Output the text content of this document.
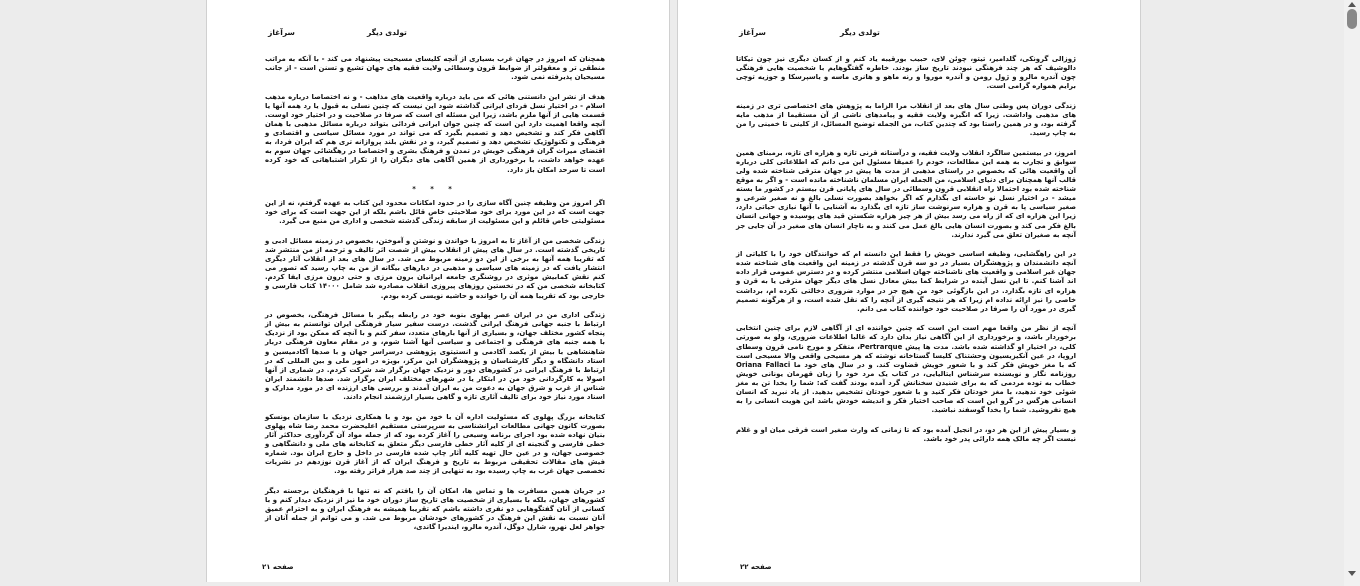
تولدی دیگر
سرآغاز

همچنان که امروز در جهان غرب بسیاری از آنچه کلیسای مسیحیت پیشنهاد می کند - با آنکه به مراتب منطقی تر و معقولتر از ضوابط قرون وسطائی ولایت فقیه های جهان تشیع و تسنن است - از جانب مسیحیان پذیرفته نمی شود.

هدف از نشر این دانستنی هائی که می باید درباره واقعیت های مذاهب - و نه اختصاصا درباره مذهب اسلام - در اختیار نسل فردای ایرانی گذاشته شود این نیست که چنین نسلی به قبول یا رد همه آنها یا قسمت هایی از آنها ملزم باشد، زیرا این مسئله ای است که صرفا در صلاحیت و در اختیار خود اوست. آنچه واقعا اهمیت دارد این است که چنین جوان ایرانی فردائی بتواند درباره مسائل مذهبی با همان آگاهی فکر کند و تشخیص دهد و تصمیم بگیرد که می تواند در مورد مسائل سیاسی و اقتصادی و فرهنگی و تکنولوژیک تشخیص دهد و تصمیم گیرد، و در نقش بلند پروازانه تری هم که ایران فردا، به اقتضای میراث گران فرهنگی خویش در تمدن و فرهنگ بشری و اختصاصا در رهگشائی جهان سوم به عهده خواهد داشت، با برخورداری از همین آگاهی های دیگران را از تکرار اشتباهاتی که خود کرده است تا سرحد امکان باز دارد.

* * *

اگر امروز من وظیفه چنین آگاه سازی را در حدود امکانات محدود این کتاب به عهده گرفتم، نه از این جهت است که در این مورد برای خود صلاحیتی خاص قائل باشم بلکه از این جهت است که برای خود مسئولیتی خاص قائلم و این مسئولیت از سابقه زندگی گذشته شخصی و اداری من منبع می گیرد.

زندگی شخصی من از آغاز تا به امروز با خواندن و نوشتن و آموختن، بخصوص در زمینه مسائل ادبی و تاریخی گذشته است. در سال های پیش از انقلاب بیش از شصت اثر تالیف و ترجمه از من منتشر شد که تقریبا همه آنها به برخی از این دو زمینه مربوط می شد. در سال های بعد از انقلاب آثار دیگری انتشار یافت که در زمینه های سیاسی و مذهبی در دیارهای بیگانه از من به چاپ رسید که تصور می کنم نقش کمابیش موثری در روشنگری جامعه ایرانیان برون مرزی و حتی درون مرزی ایفا کردم. کتابخانه شخصی من که در نخستین روزهای پیروزی انقلاب مصادره شد شامل ۱۴۰۰۰ کتاب فارسی و خارجی بود که تقریبا همه آن را خوانده و حاشیه نویسی کرده بودم.

زندگی اداری من در ایران عصر پهلوی بنوبه خود در رابطه پیگیر با مسائل فرهنگی، بخصوص در ارتباط با جنبه جهانی فرهنگ ایرانی گذشت. درست سفیر سیار فرهنگی ایران توانستم به بیش از پنجاه کشور مختلف جهان، و بسیاری از آنها بارهای متعدد، سفر کنم و با آنچه که ممکن بود از نزدیک با همه جنبه های فرهنگی و اجتماعی و سیاسی آنها آشنا شوم، و در مقام معاون فرهنگی دربار شاهنشاهی با بیش از یکصد آکادمی و انستیتوی پژوهشی درسراسر جهان و با صدها آکادمیسین و استاد دانشگاه و دیگر کارشناسان و پژوهشگران این مرکز، بویژه در امور ملی و بین المللی که در ارتباط با فرهنگ ایرانی در کشورهای دور و نزدیک جهان برگزار شد شرکت کردم. در شماری از آنها اصولا به کارگردانی خود من در ابتکار یا در شهرهای مختلف ایران برگزار شد. صدها دانشمند ایران شناس از غرب و شرق جهان به دعوت من به ایران آمدند و بررسی های ارزنده ای در مورد مدارک و اسناد مورد نیاز خود برای تالیف آثاری تازه و گاهی بسیار ارزشمند انجام دادند.

کتابخانه بزرگ پهلوی که مسئولیت اداره آن با خود من بود و با همکاری نزدیک با سازمان یونسکو بصورت کانون جهانی مطالعات ایرانشناسی به سرپرستی مستقیم اعلیحضرت محمد رضا شاه پهلوی بنیان نهاده شده بود اجرای برنامه وسیعی را آغاز کرده بود که از جمله مواد آن گردآوری حداکثر آثار خطی فارسی و گنجینه ای از کلیه آثار خطی فارسی دیگر متعلق به کتابخانه های ملی و دانشگاهی و خصوصی جهان، و در عین حال تهیه کلیه آثار چاپ شده فارسی در داخل و خارج ایران بود. شماره فیش های مقالات تحقیقی مربوط به تاریخ و فرهنگ ایران که از آغاز قرن نوزدهم در نشریات تخصصی جهان غرب به چاپ رسیده بود به تنهایی از چند صد هزار فراتر رفته بود.

در جریان همین مسافرت ها و تماس ها، امکان آن را یافتم که نه تنها با فرهنگیان برجسته دیگر کشورهای جهان، بلکه با بسیاری از شخصیت های تاریخ ساز دوران خود ما نیز از نزدیک دیدار کنم و با کسانی از آنان گفتگوهایی دو نفری داشته باشم که تقریبا همیشه به فرهنگ ایران و به احترام عمیق آنان نسبت به نقش این فرهنگ در کشورهای خودشان مربوط می شد. و می توانم از جمله آنان از جواهر لعل نهرو، شارل دوگل، آندره مالرو، ایندیرا گاندی،

صفحه ۲۱
تولدی دیگر
سرآغاز

ژوزالی گرونکی، گلدامیر، تیتو، چوئن لای، حبیب بورقیبه یاد کنم و از کسان دیگری نیز چون تیکاتا دالوشیف که هر چند فرهنگی نبودند تاریخ ساز بودند. خاطره گفتگوهایم با شخصیت هایی فرهنگی چون آندره مالرو و ژول رومن و آندره موروا و رنه ماهو و هانری ماسه و یاسپرسکا و جوزیه توچی برایم همواره گرامی است.

زندگی دوران پس وطنی سال های بعد از انقلاب مرا الزاما به پژوهش های اختصاصی تری در زمینه های مذهبی واداشت. زیرا که انگیزه ولایت فقیه و پیامدهای ناشی از آن مستقیما از مذهب مایه گرفته بود، و در همین راستا بود که چندین کتاب، من الجمله توضیح المسائل، از کلینی تا خمینی را من به چاپ رسید.

امروز، در بیستمین سالگرد انقلاب ولایت فقیه، و درآستانه قرنی تازه و هزاره ای تازه، برمبنای همین سوابق و تجارب به همه این مطالعات، خودم را عمیقا مسئول این می دانم که اطلاعاتی کلی درباره آن واقعیت هائی که بخصوص در راستای مذهبی از مدت ها پیش در جهان مترقی شناخته شده ولی قالب آنها همچنان برای دنیای اسلامی، من الجمله ایران مسلمان ناشناخته مانده است - و اگر به موقع شناخته شده بود احتمالا راه انقلابی قرون وسطائی در سال های پایانی قرن بیستم در کشور ما بسته میشد - در اختیار نسل نو خاسته ای بگذارم که اگر بخواهد بصورت نسلی بالغ و نه صغیر شرعی و صغیر سیاسی پا به قرن و هزاره سرنوشت ساز تازه ای بگذارد به آشنایی با آنها نیازی حیاتی دارد، زیرا این هزاره ای که از راه می رسد بیش از هر چیز هزاره شکستن قید های پوسیده و جهانی انسان بالغ فکر می کند و بصورت انسان هایی بالغ عمل می کنند و به ناچار انسان های صغیر در آن جایی جز آنچه به صغیران تعلق می گیرد ندارند.

در این راهگشایی، وظیفه اساسی خویش را فقط این دانسته ام که خوانندگان خود را با کلیاتی از آنچه دانشمندان و پژوهشگران بسیار در دو سه قرن گذشته در زمینه این واقعیت های شناخته شده جهان غیر اسلامی و واقعیت های ناشناخته جهان اسلامی منتشر کرده و در دسترس عمومی قرار داده اند آشنا کنم. تا این نسل آینده در شرایط کما بیش معادل نسل های دیگر جهان مترقی یا به قرن و هزاره ای تازه بگذارد. در این بازگوئی خود من هیچ جز در موارد ضروری دخالتی نکرده ام، برداشت خاصی را نیز ارائه نداده ام زیرا که هر نتیجه گیری از آنچه را که نقل شده است، و از هرگونه تصمیم گیری در مورد آن را صرفا در صلاحیت خود خواننده کتاب می دانم.

آنچه از نظر من واقعا مهم است این است که چنین خواننده ای از آگاهی لازم برای چنین انتخابی برخوردار باشد، و برخورداری از این آگاهی نیاز بدان دارد که غالبا اطلاعات ضروری، ولو به صورتی کلی، در اختیار او گذاشته شده باشد. مدت ها پیش Pertrarque، متفکر و مورخ نامی قرون وسطای اروپا، در عین آنکیزیسیون وحشتناک کلیسا گستاخانه نوشته که هر مسیحی واقعی والا مسیحی است که با مغز خویش فکر کند و با شعور خویش قضاوت کند. و در سال های خود ما Oriana Fallaci روزنامه نگار و نویسنده سرشناس ایتالیایی، در کتاب یک مرد خود را زبان قهرمان یونانی خویش خطاب به توده مردمی که به برای شنیدن سخنانش گرد آمده بودند گفت که: شما را بخدا تن به مغز شوئی خود ندهید، با مغز خودتان فکر کنید و با شعور خودتان تشخیص بدهید. از یاد نبرید که انسان انسانی هرگس در گرو این است که صاحب اختیار فکر و اندیشه خودش باشد این هویت انسانی را به هیچ نفروشید. شما را بخدا گوسفند نباشید.

و بسیار پیش از این هر دو، در انجیل آمده بود که تا زمانی که وارث صغیر است فرقی میان او و غلام نیست اگر چه مالک همه دارائی پدر خود باشد.

صفحه ۲۲
